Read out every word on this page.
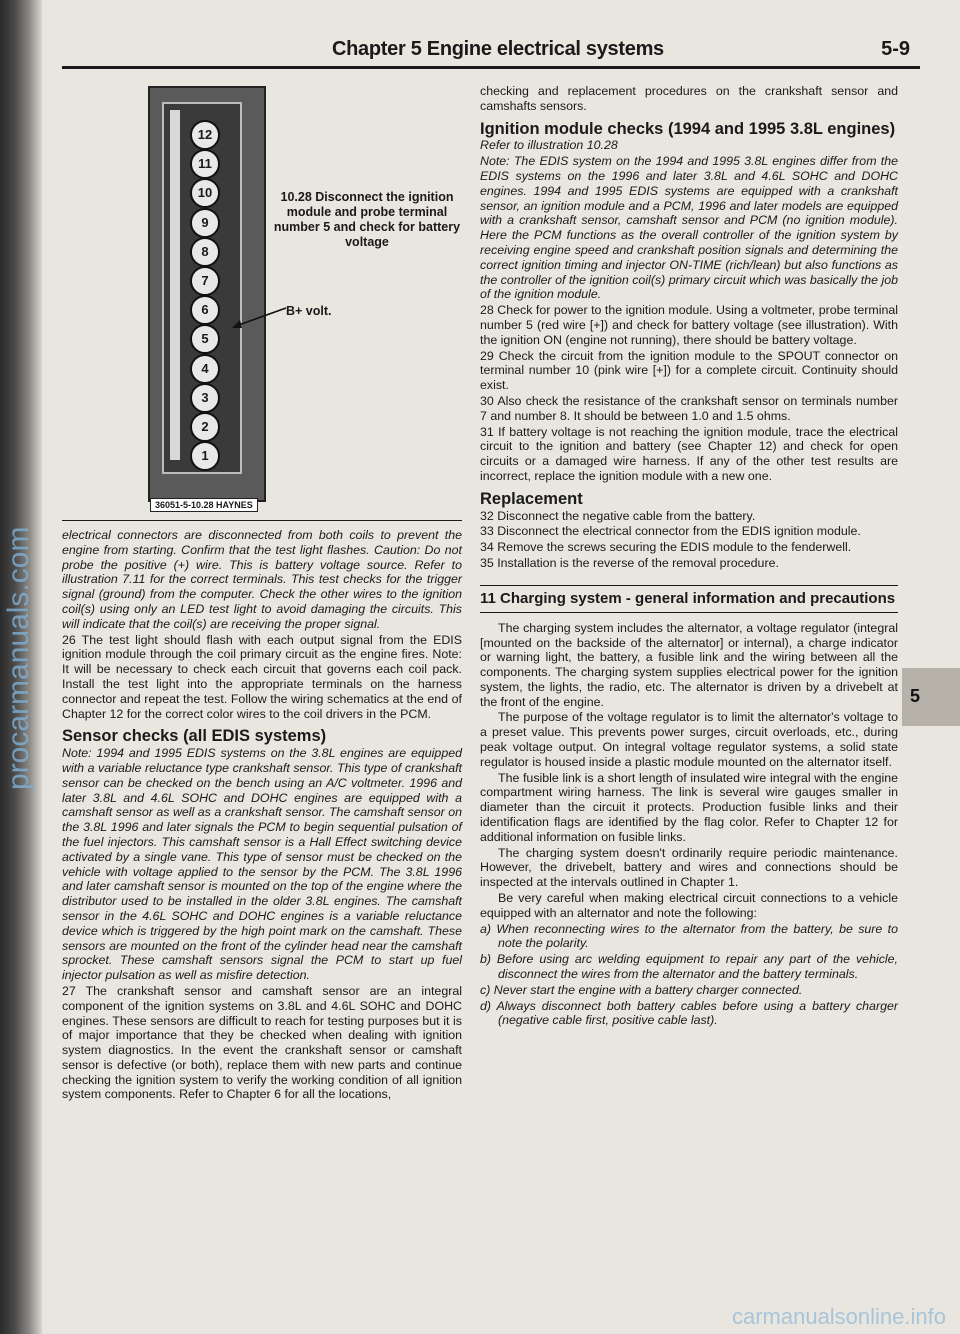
Chapter 5 Engine electrical systems	5-9
12
11
10
9
8
7
6
5
4
3
2
1
36051-5-10.28 HAYNES
10.28 Disconnect the ignition module and probe terminal number 5 and check for battery voltage
B+ volt.

electrical connectors are disconnected from both coils to prevent the engine from starting. Confirm that the test light flashes. Caution: Do not probe the positive (+) wire. This is battery voltage source. Refer to illustration 7.11 for the correct terminals. This test checks for the trigger signal (ground) from the computer. Check the other wires to the ignition coil(s) using only an LED test light to avoid damaging the circuits. This will indicate that the coil(s) are receiving the proper signal.

26 The test light should flash with each output signal from the EDIS ignition module through the coil primary circuit as the engine fires. Note: It will be necessary to check each circuit that governs each coil pack. Install the test light into the appropriate terminals on the harness connector and repeat the test. Follow the wiring schematics at the end of Chapter 12 for the correct color wires to the coil drivers in the PCM.

Sensor checks (all EDIS systems)

Note: 1994 and 1995 EDIS systems on the 3.8L engines are equipped with a variable reluctance type crankshaft sensor. This type of crankshaft sensor can be checked on the bench using an A/C voltmeter. 1996 and later 3.8L and 4.6L SOHC and DOHC engines are equipped with a camshaft sensor as well as a crankshaft sensor. The camshaft sensor on the 3.8L 1996 and later signals the PCM to begin sequential pulsation of the fuel injectors. This camshaft sensor is a Hall Effect switching device activated by a single vane. This type of sensor must be checked on the vehicle with voltage applied to the sensor by the PCM. The 3.8L 1996 and later camshaft sensor is mounted on the top of the engine where the distributor used to be installed in the older 3.8L engines. The camshaft sensor in the 4.6L SOHC and DOHC engines is a variable reluctance device which is triggered by the high point mark on the camshaft. These sensors are mounted on the front of the cylinder head near the camshaft sprocket. These camshaft sensors signal the PCM to start up fuel injector pulsation as well as misfire detection.

27 The crankshaft sensor and camshaft sensor are an integral component of the ignition systems on 3.8L and 4.6L SOHC and DOHC engines. These sensors are difficult to reach for testing purposes but it is of major importance that they be checked when dealing with ignition system diagnostics. In the event the crankshaft sensor or camshaft sensor is defective (or both), replace them with new parts and continue checking the ignition system to verify the working condition of all ignition system components. Refer to Chapter 6 for all the locations,

checking and replacement procedures on the crankshaft sensor and camshafts sensors.

Ignition module checks (1994 and 1995 3.8L engines)

Refer to illustration 10.28

Note: The EDIS system on the 1994 and 1995 3.8L engines differ from the EDIS systems on the 1996 and later 3.8L and 4.6L SOHC and DOHC engines. 1994 and 1995 EDIS systems are equipped with a crankshaft sensor, an ignition module and a PCM, 1996 and later models are equipped with a crankshaft sensor, camshaft sensor and PCM (no ignition module). Here the PCM functions as the overall controller of the ignition system by receiving engine speed and crankshaft position signals and determining the correct ignition timing and injector ON-TIME (rich/lean) but also functions as the controller of the ignition coil(s) primary circuit which was basically the job of the ignition module.

28 Check for power to the ignition module. Using a voltmeter, probe terminal number 5 (red wire [+]) and check for battery voltage (see illustration). With the ignition ON (engine not running), there should be battery voltage.

29 Check the circuit from the ignition module to the SPOUT connector on terminal number 10 (pink wire [+]) for a complete circuit. Continuity should exist.

30 Also check the resistance of the crankshaft sensor on terminals number 7 and number 8. It should be between 1.0 and 1.5 ohms.

31 If battery voltage is not reaching the ignition module, trace the electrical circuit to the ignition and battery (see Chapter 12) and check for open circuits or a damaged wire harness. If any of the other test results are incorrect, replace the ignition module with a new one.

Replacement

32 Disconnect the negative cable from the battery.

33 Disconnect the electrical connector from the EDIS ignition module.

34 Remove the screws securing the EDIS module to the fenderwell.

35 Installation is the reverse of the removal procedure.

11 Charging system - general information and precautions

The charging system includes the alternator, a voltage regulator (integral [mounted on the backside of the alternator] or internal), a charge indicator or warning light, the battery, a fusible link and the wiring between all the components. The charging system supplies electrical power for the ignition system, the lights, the radio, etc. The alternator is driven by a drivebelt at the front of the engine.

The purpose of the voltage regulator is to limit the alternator's voltage to a preset value. This prevents power surges, circuit overloads, etc., during peak voltage output. On integral voltage regulator systems, a solid state regulator is housed inside a plastic module mounted on the alternator itself.

The fusible link is a short length of insulated wire integral with the engine compartment wiring harness. The link is several wire gauges smaller in diameter than the circuit it protects. Production fusible links and their identification flags are identified by the flag color. Refer to Chapter 12 for additional information on fusible links.

The charging system doesn't ordinarily require periodic maintenance. However, the drivebelt, battery and wires and connections should be inspected at the intervals outlined in Chapter 1.

Be very careful when making electrical circuit connections to a vehicle equipped with an alternator and note the following:

a) When reconnecting wires to the alternator from the battery, be sure to note the polarity.

b) Before using arc welding equipment to repair any part of the vehicle, disconnect the wires from the alternator and the battery terminals.

c) Never start the engine with a battery charger connected.

d) Always disconnect both battery cables before using a battery charger (negative cable first, positive cable last).

5
carmanualsonline.info
